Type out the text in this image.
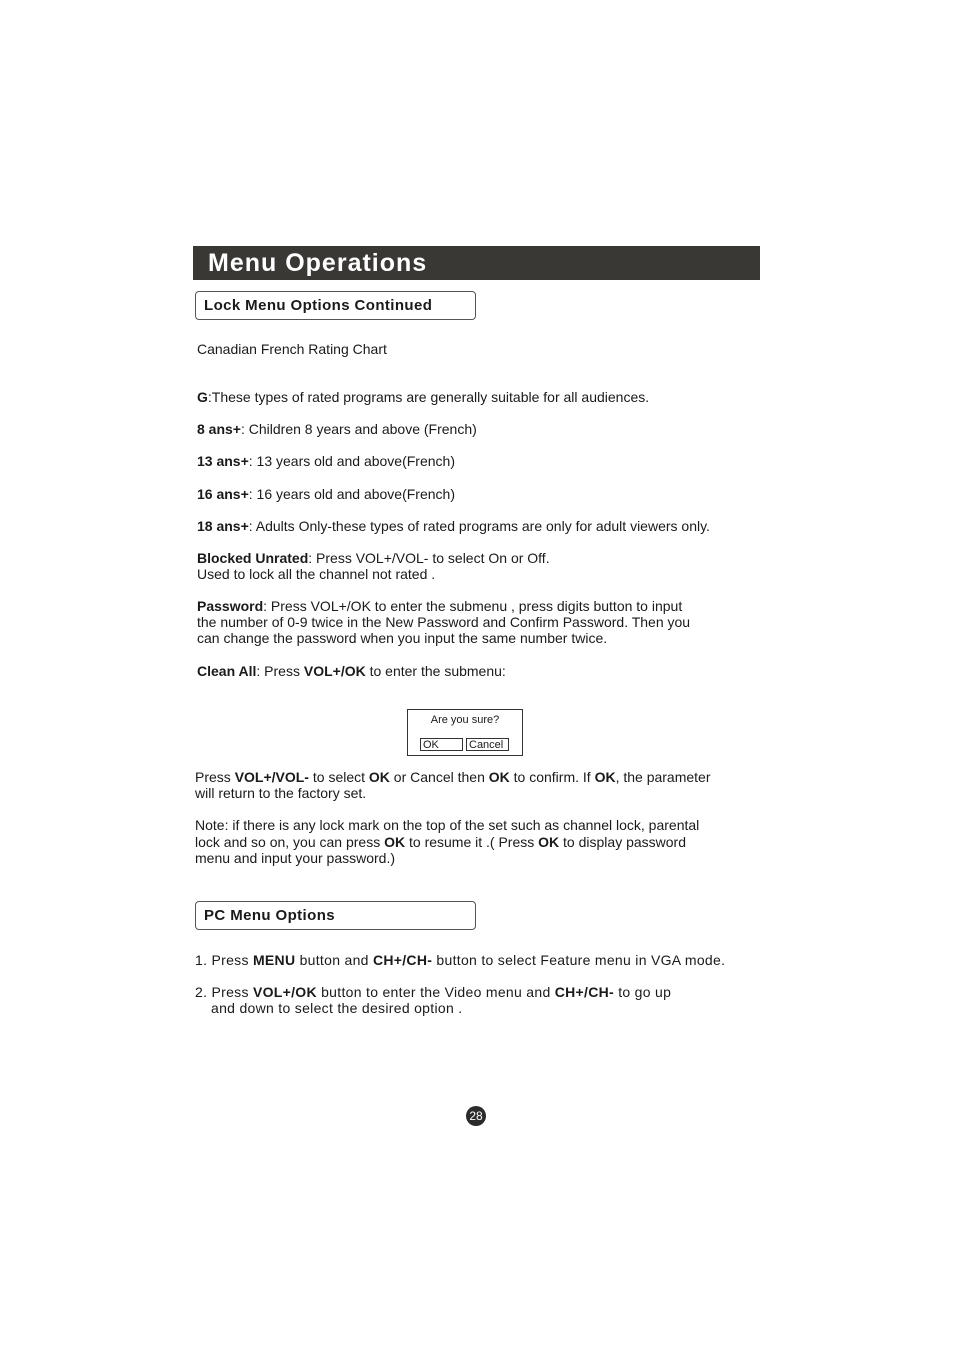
Menu Operations
Lock Menu Options Continued
Canadian French Rating Chart
G:These types of rated programs are generally suitable for all audiences.
8 ans+: Children 8 years and above (French)
13 ans+: 13 years old and above(French)
16 ans+: 16 years old and above(French)
18 ans+: Adults Only-these types of rated programs are only for adult viewers only.
Blocked Unrated: Press VOL+/VOL- to select On or Off.
Used to lock all the channel not rated .
Password: Press VOL+/OK to enter the submenu , press digits button to input
the number of 0-9 twice in the New Password and Confirm Password. Then you
can change the password when you input the same number twice.
Clean All: Press VOL+/OK to enter the submenu:
Are you sure?
OK	Cancel
Press VOL+/VOL- to select OK or Cancel then OK to confirm. If OK, the parameter
will return to the factory set.
Note: if there is any lock mark on the top of the set such as channel lock, parental
lock and so on, you can press OK to resume it .( Press OK to display password
menu and input your password.)
PC Menu Options
1. Press MENU button and CH+/CH- button to select Feature menu in VGA mode.
2. Press VOL+/OK button to enter the Video menu and CH+/CH- to go up
and down to select the desired option .
28
